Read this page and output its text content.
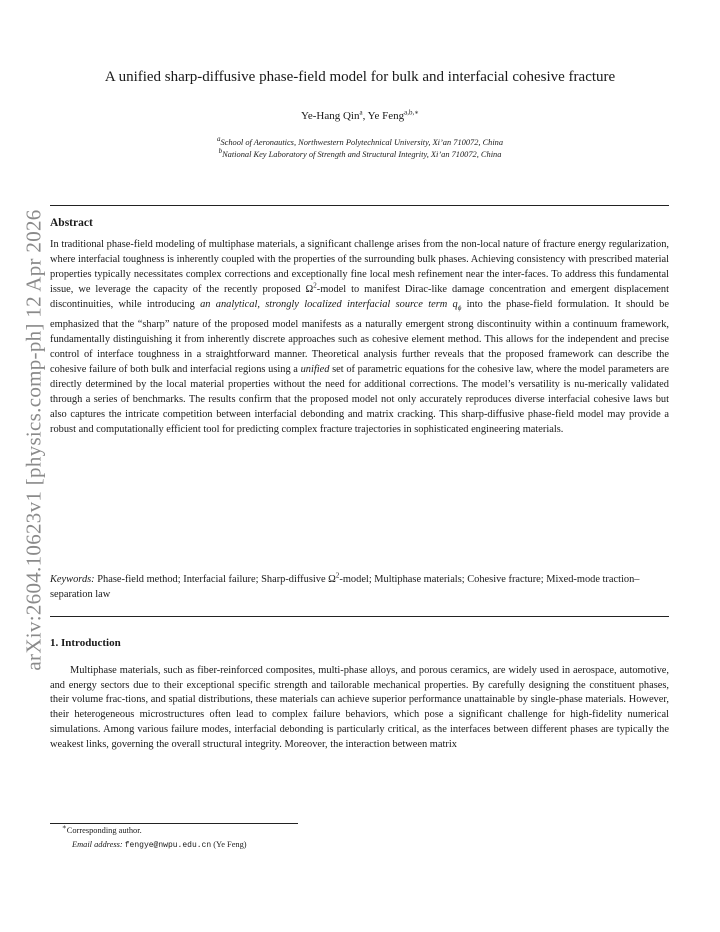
arXiv:2604.10623v1 [physics.comp-ph] 12 Apr 2026
A unified sharp-diffusive phase-field model for bulk and interfacial cohesive fracture
Ye-Hang Qin$^a$, Ye Feng$^{a,b,∗}$
$^a$School of Aeronautics, Northwestern Polytechnical University, Xi’an 710072, China
$^b$National Key Laboratory of Strength and Structural Integrity, Xi’an 710072, China
Abstract
In traditional phase-field modeling of multiphase materials, a significant challenge arises from the non-local nature of fracture energy regularization, where interfacial toughness is inherently coupled with the properties of the surrounding bulk phases. Achieving consistency with prescribed material properties typically necessitates complex corrections and exceptionally fine local mesh refinement near the inter-faces. To address this fundamental issue, we leverage the capacity of the recently proposed $\Omega^2$-model to manifest Dirac-like damage concentration and emergent displacement discontinuities, while introducing an analytical, strongly localized interfacial source term $q_\phi$ into the phase-field formulation. It should be emphasized that the “sharp” nature of the proposed model manifests as a naturally emergent strong discontinuity within a continuum framework, fundamentally distinguishing it from inherently discrete approaches such as cohesive element method. This allows for the independent and precise control of interface toughness in a straightforward manner. Theoretical analysis further reveals that the proposed framework can describe the cohesive failure of both bulk and interfacial regions using a unified set of parametric equations for the cohesive law, where the model parameters are directly determined by the local material properties without the need for additional corrections. The model’s versatility is nu-merically validated through a series of benchmarks. The results confirm that the proposed model not only accurately reproduces diverse interfacial cohesive laws but also captures the intricate competition between interfacial debonding and matrix cracking. This sharp-diffusive phase-field model may provide a robust and computationally efficient tool for predicting complex fracture trajectories in sophisticated engineering materials.
Keywords: Phase-field method; Interfacial failure; Sharp-diffusive $\Omega^2$-model; Multiphase materials; Cohesive fracture; Mixed-mode traction–separation law
1. Introduction
Multiphase materials, such as fiber-reinforced composites, multi-phase alloys, and porous ceramics, are widely used in aerospace, automotive, and energy sectors due to their exceptional specific strength and tailorable mechanical properties. By carefully designing the constituent phases, their volume frac-tions, and spatial distributions, these materials can achieve superior performance unattainable by single-phase materials. However, their heterogeneous microstructures often lead to complex failure behaviors, which pose a significant challenge for high-fidelity numerical simulations. Among various failure modes, interfacial debonding is particularly critical, as the interfaces between different phases are typically the weakest links, governing the overall structural integrity. Moreover, the interaction between matrix
∗Corresponding author.
Email address: fengye@nwpu.edu.cn (Ye Feng)
